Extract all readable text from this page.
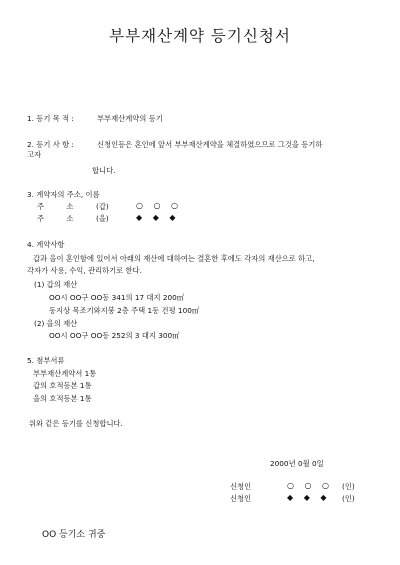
부부재산계약 등기신청서
1. 등기 목 적 :	부부재산계약의 등기
2. 등기 사 항 :	신청인등은 혼인에 앞서 부부재산계약을 체결하였으므로 그것을 등기하
고자
합니다.
3. 계약자의 주소, 이름
주 소 (갑)	○ ○ ○
주 소 (을)	◆ ◆ ◆
4. 계약사항
갑과 을이 혼인함에 있어서 아래의 재산에 대하여는 결혼한 후에도 각자의 재산으로 하고,
각자가 사용, 수익, 관리하기로 한다.
(1) 갑의 재산
OO시 OO구 OO동 341의 17 대지 200㎡
동지상 목조기와지붕 2층 주택 1동 건평 100㎡
(2) 을의 재산
OO시 OO구 OO동 252의 3 대지 300㎡
5. 첨부서류
부부재산계약서 1통
갑의 호적등본 1통
을의 호적등본 1통
위와 같은 등기를 신청합니다.
2000년 0월 0일
신청인	○ ○ ○ (인)
신청인	◆ ◆ ◆ (인)
OO 등기소 귀중
